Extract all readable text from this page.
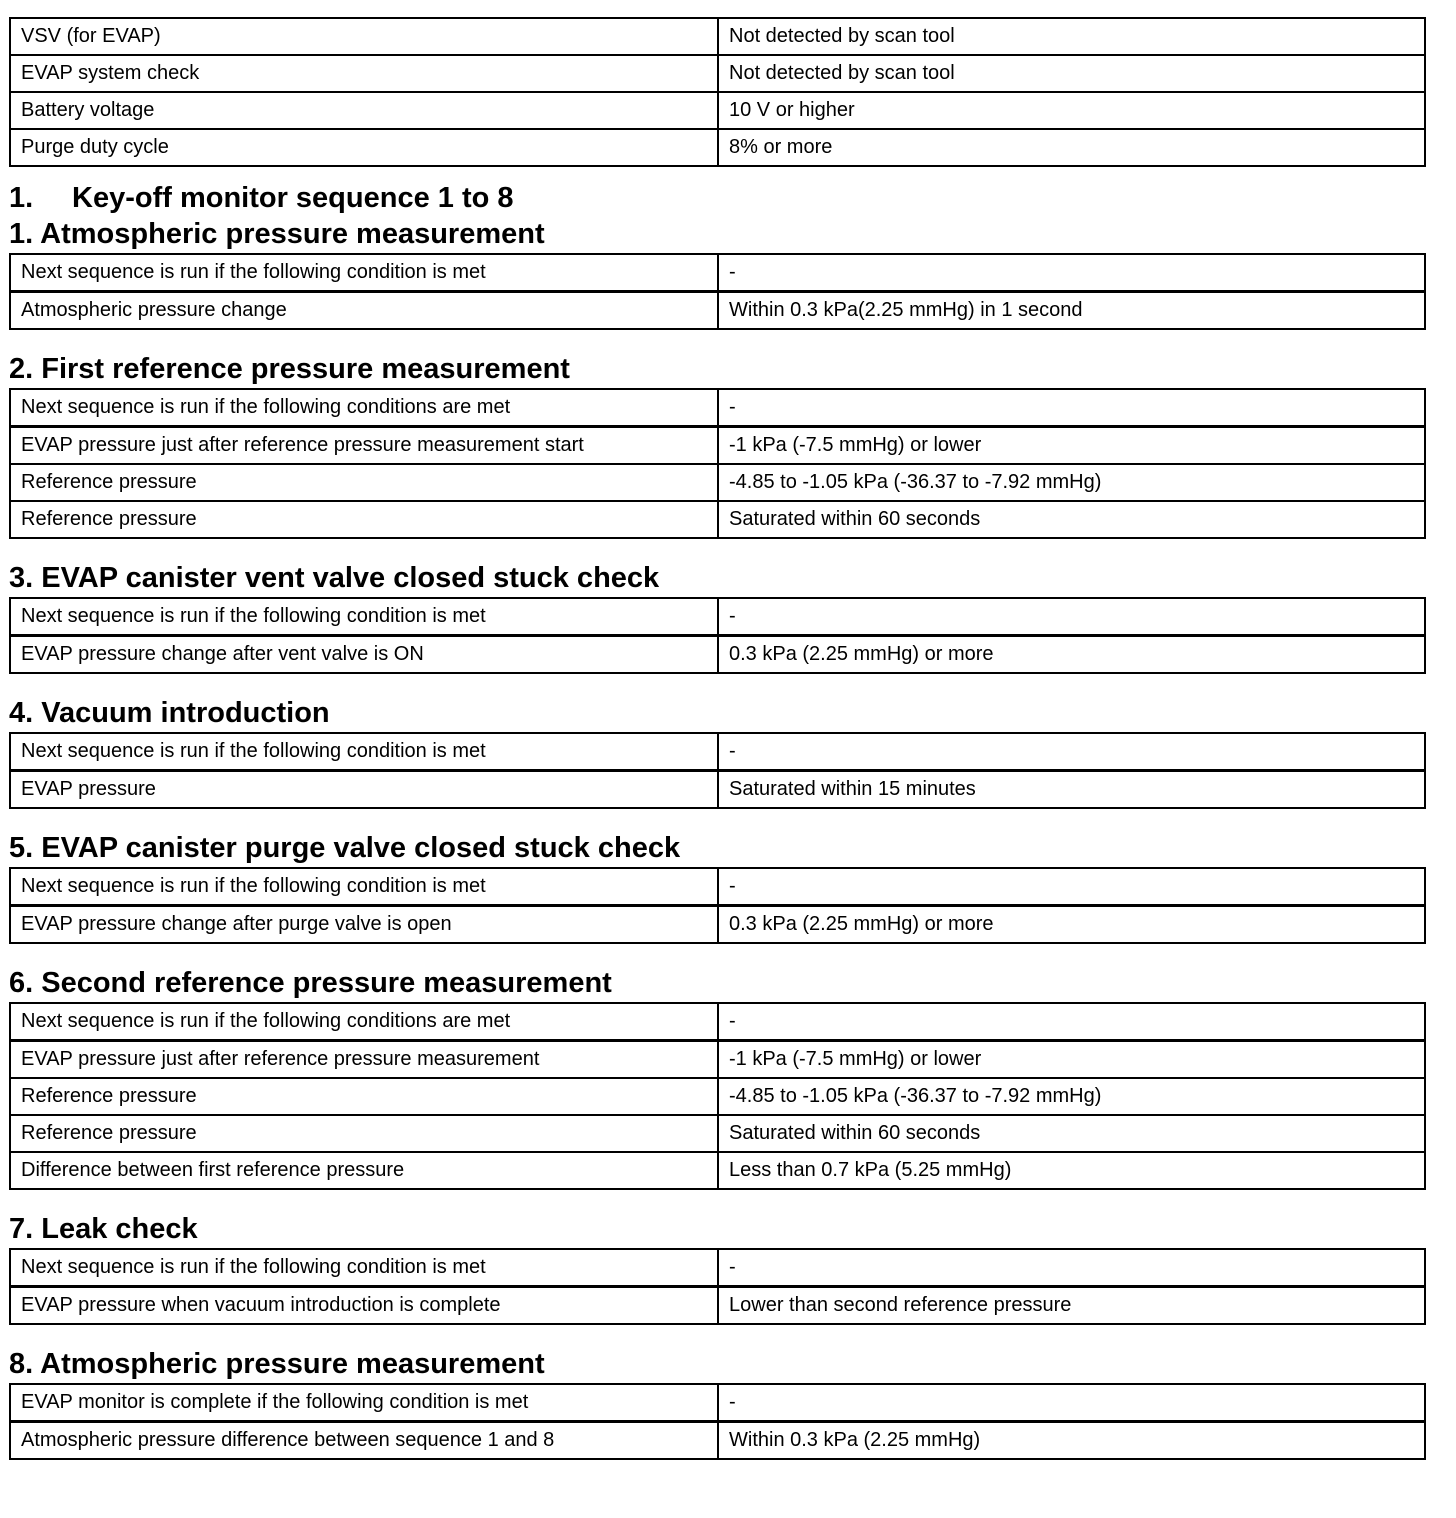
VSV (for EVAP)	Not detected by scan tool
EVAP system check	Not detected by scan tool
Battery voltage	10 V or higher
Purge duty cycle	8% or more
1. Key-off monitor sequence 1 to 8
1. Atmospheric pressure measurement
Next sequence is run if the following condition is met	-
Atmospheric pressure change	Within 0.3 kPa(2.25 mmHg) in 1 second
2. First reference pressure measurement
Next sequence is run if the following conditions are met	-
EVAP pressure just after reference pressure measurement start	-1 kPa (-7.5 mmHg) or lower
Reference pressure	-4.85 to -1.05 kPa (-36.37 to -7.92 mmHg)
Reference pressure	Saturated within 60 seconds
3. EVAP canister vent valve closed stuck check
Next sequence is run if the following condition is met	-
EVAP pressure change after vent valve is ON	0.3 kPa (2.25 mmHg) or more
4. Vacuum introduction
Next sequence is run if the following condition is met	-
EVAP pressure	Saturated within 15 minutes
5. EVAP canister purge valve closed stuck check
Next sequence is run if the following condition is met	-
EVAP pressure change after purge valve is open	0.3 kPa (2.25 mmHg) or more
6. Second reference pressure measurement
Next sequence is run if the following conditions are met	-
EVAP pressure just after reference pressure measurement	-1 kPa (-7.5 mmHg) or lower
Reference pressure	-4.85 to -1.05 kPa (-36.37 to -7.92 mmHg)
Reference pressure	Saturated within 60 seconds
Difference between first reference pressure	Less than 0.7 kPa (5.25 mmHg)
7. Leak check
Next sequence is run if the following condition is met	-
EVAP pressure when vacuum introduction is complete	Lower than second reference pressure
8. Atmospheric pressure measurement
EVAP monitor is complete if the following condition is met	-
Atmospheric pressure difference between sequence 1 and 8	Within 0.3 kPa (2.25 mmHg)
